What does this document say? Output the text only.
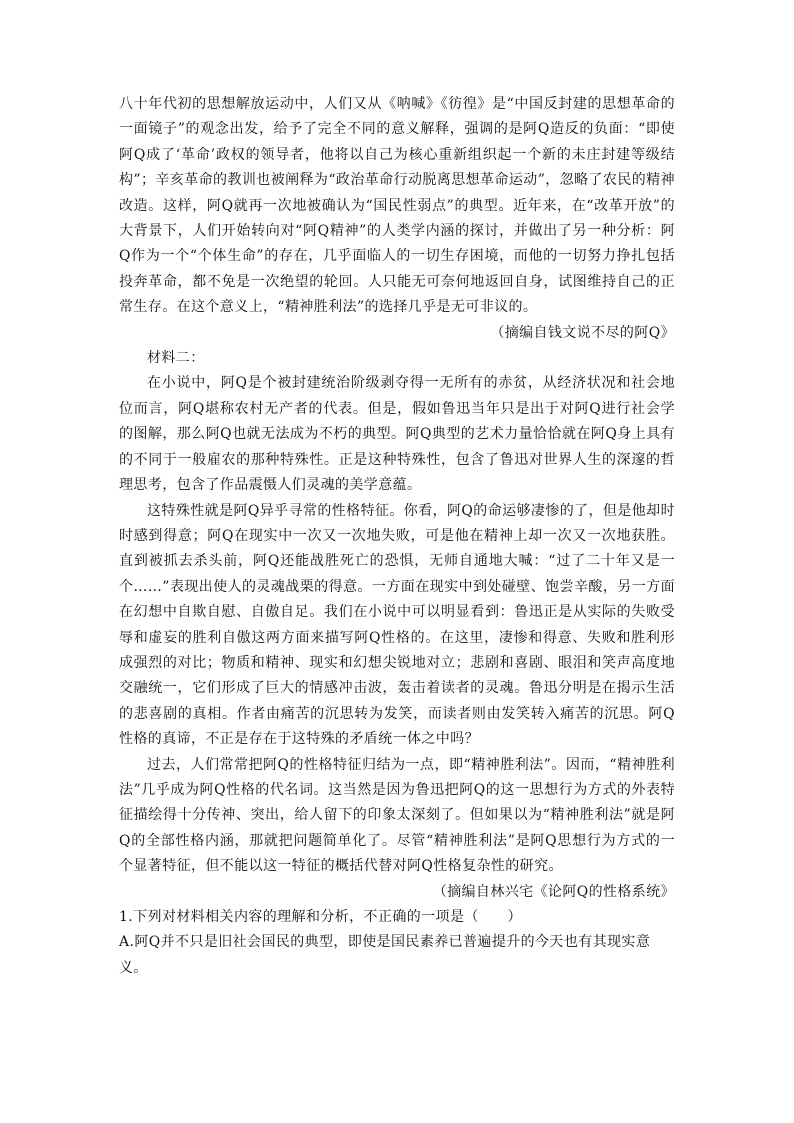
八十年代初的思想解放运动中，人们又从《呐喊》《彷徨》是“中国反封建的思想革命的一面镜子”的观念出发，给予了完全不同的意义解释，强调的是阿Q造反的负面：“即使阿Q成了‘革命’政权的领导者，他将以自己为核心重新组织起一个新的未庄封建等级结构”；辛亥革命的教训也被阐释为“政治革命行动脱离思想革命运动”，忽略了农民的精神改造。这样，阿Q就再一次地被确认为“国民性弱点”的典型。近年来，在“改革开放”的大背景下，人们开始转向对“阿Q精神”的人类学内涵的探讨，并做出了另一种分析：阿Q作为一个“个体生命”的存在，几乎面临人的一切生存困境，而他的一切努力挣扎包括投奔革命，都不免是一次绝望的轮回。人只能无可奈何地返回自身，试图维持自己的正常生存。在这个意义上，“精神胜利法”的选择几乎是无可非议的。

（摘编自钱文说不尽的阿Q》

材料二：

在小说中，阿Q是个被封建统治阶级剥夺得一无所有的赤贫，从经济状况和社会地位而言，阿Q堪称农村无产者的代表。但是，假如鲁迅当年只是出于对阿Q进行社会学的图解，那么阿Q也就无法成为不朽的典型。阿Q典型的艺术力量恰恰就在阿Q身上具有的不同于一般雇农的那种特殊性。正是这种特殊性，包含了鲁迅对世界人生的深邃的哲理思考，包含了作品震慑人们灵魂的美学意蕴。

这特殊性就是阿Q异乎寻常的性格特征。你看，阿Q的命运够凄惨的了，但是他却时时感到得意；阿Q在现实中一次又一次地失败，可是他在精神上却一次又一次地获胜。直到被抓去杀头前，阿Q还能战胜死亡的恐惧，无师自通地大喊：“过了二十年又是一个……”表现出使人的灵魂战栗的得意。一方面在现实中到处碰壁、饱尝辛酸，另一方面在幻想中自欺自慰、自傲自足。我们在小说中可以明显看到：鲁迅正是从实际的失败受辱和虚妄的胜利自傲这两方面来描写阿Q性格的。在这里，凄惨和得意、失败和胜利形成强烈的对比；物质和精神、现实和幻想尖锐地对立；悲剧和喜剧、眼泪和笑声高度地交融统一，它们形成了巨大的情感冲击波，轰击着读者的灵魂。鲁迅分明是在揭示生活的悲喜剧的真相。作者由痛苦的沉思转为发笑，而读者则由发笑转入痛苦的沉思。阿Q性格的真谛，不正是存在于这特殊的矛盾统一体之中吗？

过去，人们常常把阿Q的性格特征归结为一点，即“精神胜利法”。因而，“精神胜利法”几乎成为阿Q性格的代名词。这当然是因为鲁迅把阿Q的这一思想行为方式的外表特征描绘得十分传神、突出，给人留下的印象太深刻了。但如果以为“精神胜利法”就是阿Q的全部性格内涵，那就把问题简单化了。尽管“精神胜利法”是阿Q思想行为方式的一个显著特征，但不能以这一特征的概括代替对阿Q性格复杂性的研究。

（摘编自林兴宅《论阿Q的性格系统》

1.下列对材料相关内容的理解和分析，不正确的一项是（　　）

A.阿Q并不只是旧社会国民的典型，即使是国民素养已普遍提升的今天也有其现实意义。
